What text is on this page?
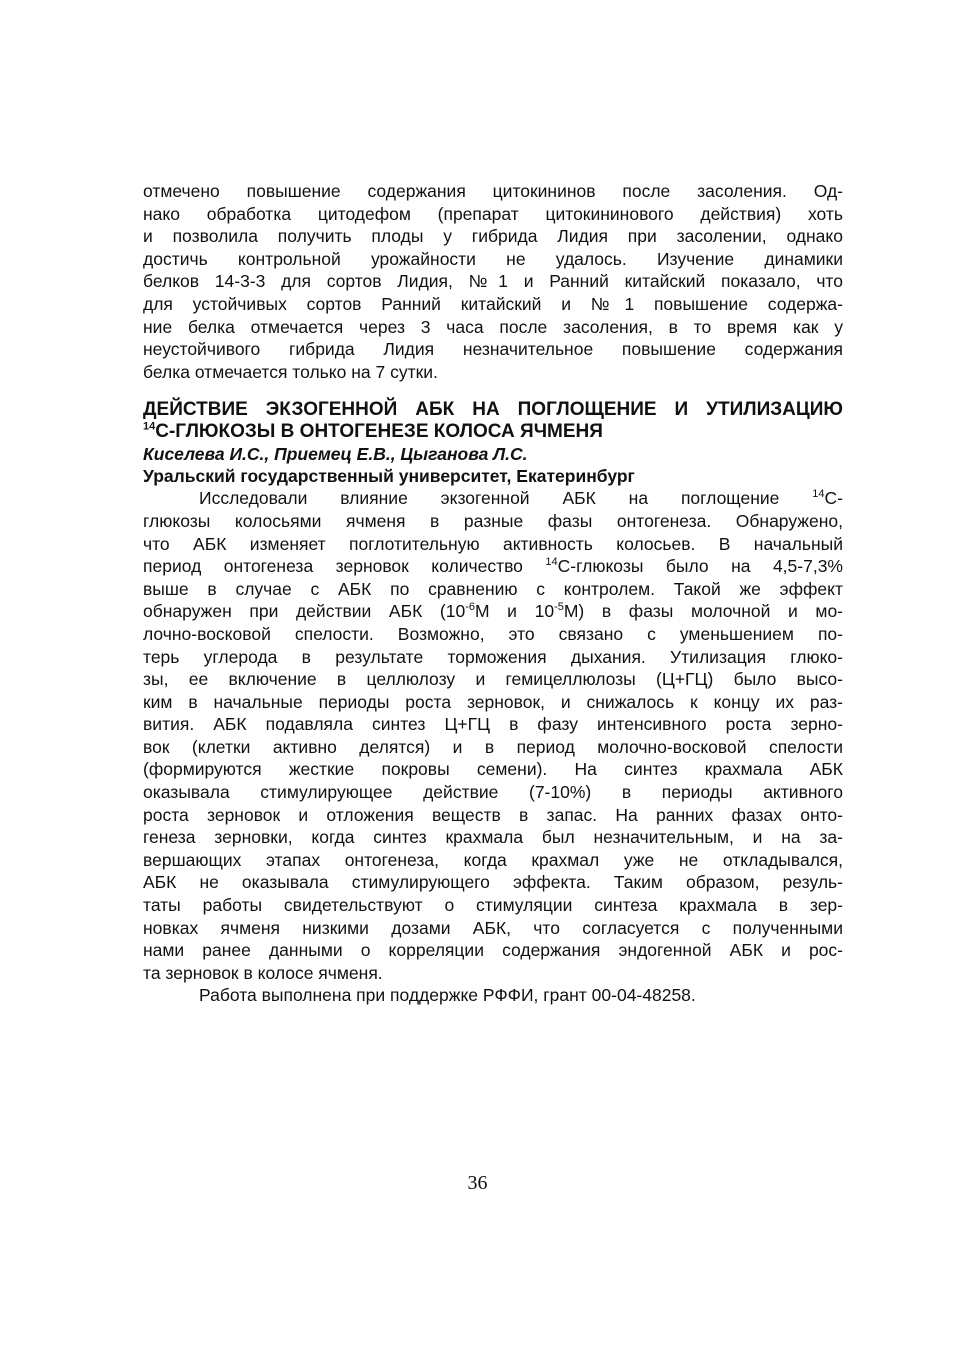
отмечено повышение содержания цитокининов после засоления. Од-
нако обработка цитодефом (препарат цитокининового действия) хоть
и позволила получить плоды у гибрида Лидия при засолении, однако
достичь контрольной урожайности не удалось. Изучение динамики
белков 14-3-3 для сортов Лидия, №1 и Ранний китайский показало, что
для устойчивых сортов Ранний китайский и №1 повышение содержа-
ние белка отмечается через 3 часа после засоления, в то время как у
неустойчивого гибрида Лидия незначительное повышение содержания
белка отмечается только на 7 сутки.
ДЕЙСТВИЕ ЭКЗОГЕННОЙ АБК НА ПОГЛОЩЕНИЕ И УТИЛИЗАЦИЮ
$^{14}$С-ГЛЮКОЗЫ В ОНТОГЕНЕЗЕ КОЛОСА ЯЧМЕНЯ
Киселева И.С., Приемец Е.В., Цыганова Л.С.
Уральский государственный университет, Екатеринбург
Исследовали влияние экзогенной АБК на поглощение $^{14}$С-
глюкозы колосьями ячменя в разные фазы онтогенеза. Обнаружено,
что АБК изменяет поглотительную активность колосьев. В начальный
период онтогенеза зерновок количество $^{14}$С-глюкозы было на 4,5-7,3%
выше в случае с АБК по сравнению с контролем. Такой же эффект
обнаружен при действии АБК ($10^{-6}М$ и $10^{-5}М$) в фазы молочной и мо-
лочно-восковой спелости. Возможно, это связано с уменьшением по-
терь углерода в результате торможения дыхания. Утилизация глюко-
зы, ее включение в целлюлозу и гемицеллюлозы (Ц+ГЦ) было высо-
ким в начальные периоды роста зерновок, и снижалось к концу их раз-
вития. АБК подавляла синтез Ц+ГЦ в фазу интенсивного роста зерно-
вок (клетки активно делятся) и в период молочно-восковой спелости
(формируются жесткие покровы семени). На синтез крахмала АБК
оказывала стимулирующее действие (7-10%) в периоды активного
роста зерновок и отложения веществ в запас. На ранних фазах онто-
генеза зерновки, когда синтез крахмала был незначительным, и на за-
вершающих этапах онтогенеза, когда крахмал уже не откладывался,
АБК не оказывала стимулирующего эффекта. Таким образом, резуль-
таты работы свидетельствуют о стимуляции синтеза крахмала в зер-
новках ячменя низкими дозами АБК, что согласуется с полученными
нами ранее данными о корреляции содержания эндогенной АБК и рос-
та зерновок в колосе ячменя.
Работа выполнена при поддержке РФФИ, грант 00-04-48258.
36
